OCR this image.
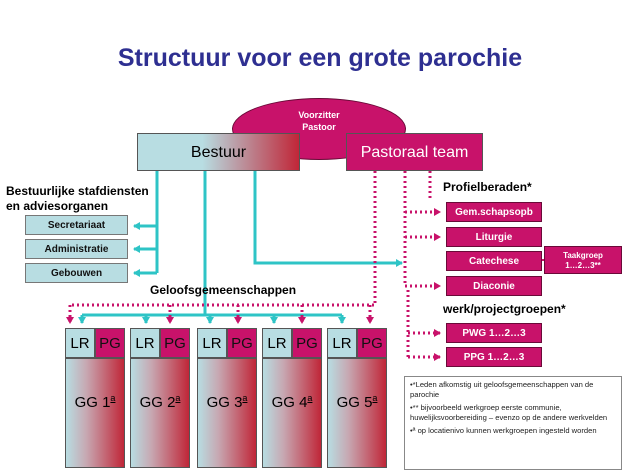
Structuur voor een grote parochie
Voorzitter
Pastoor
Bestuur	Pastoraal team
Bestuurlijke stafdiensten
en adviesorganen
Secretariaat
Administratie
Gebouwen
Profielberaden*
Gem.schapsopb
Liturgie
Catechese
Diaconie
Taakgroep
1…2…3**
werk/projectgroepen*
PWG 1…2…3
PPG 1…2…3
Geloofsgemeenschappen
LR PG
GG 1$^a$
LR PG
GG 2$^a$
LR PG
GG 3$^a$
LR PG
GG 4$^a$
LR PG
GG 5$^a$

•*Leden afkomstig uit geloofsgemeenschappen van de parochie

•** bijvoorbeeld werkgroep eerste communie, huwelijksvoorbereiding – evenzo op de andere werkvelden

•ª op locatienivo kunnen werkgroepen ingesteld worden
